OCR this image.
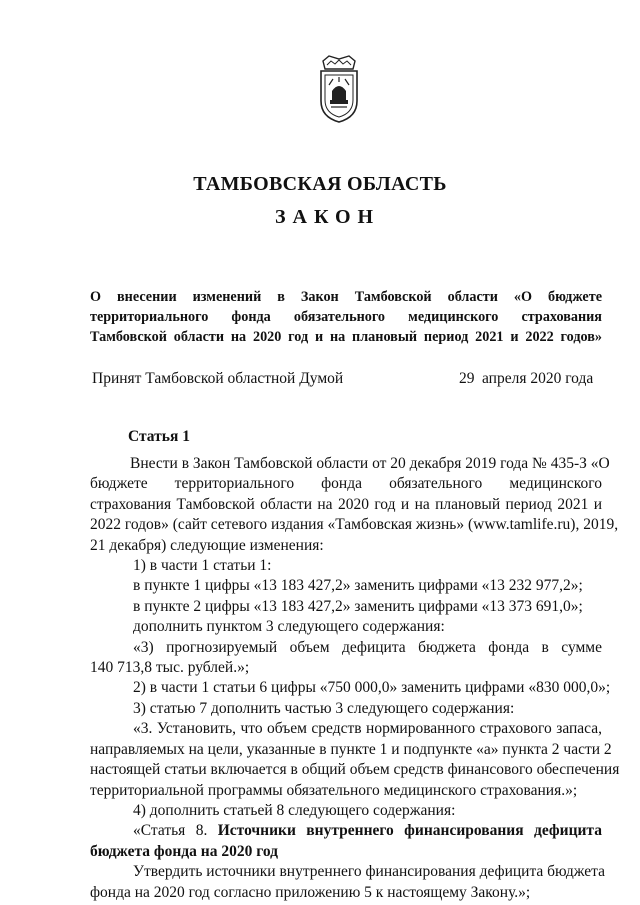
ТАМБОВСКАЯ ОБЛАСТЬ
ЗАКОН
О внесении изменений в Закон Тамбовской области «О бюджете
территориального фонда обязательного медицинского страхования
Тамбовской области на 2020 год и на плановый период 2021 и 2022 годов»
Принят Тамбовской областной Думой	29 апреля 2020 года
Статья 1
Внести в Закон Тамбовской области от 20 декабря 2019 года № 435-З «О
бюджете территориального фонда обязательного медицинского
страхования Тамбовской области на 2020 год и на плановый период 2021 и
2022 годов» (сайт сетевого издания «Тамбовская жизнь» (www.tamlife.ru), 2019,
21 декабря) следующие изменения:
1) в части 1 статьи 1:
в пункте 1 цифры «13 183 427,2» заменить цифрами «13 232 977,2»;
в пункте 2 цифры «13 183 427,2» заменить цифрами «13 373 691,0»;
дополнить пунктом 3 следующего содержания:
«3) прогнозируемый объем дефицита бюджета фонда в сумме
140 713,8 тыс. рублей.»;
2) в части 1 статьи 6 цифры «750 000,0» заменить цифрами «830 000,0»;
3) статью 7 дополнить частью 3 следующего содержания:
«3. Установить, что объем средств нормированного страхового запаса,
направляемых на цели, указанные в пункте 1 и подпункте «а» пункта 2 части 2
настоящей статьи включается в общий объем средств финансового обеспечения
территориальной программы обязательного медицинского страхования.»;
4) дополнить статьей 8 следующего содержания:
«Статья 8. Источники внутреннего финансирования дефицита
бюджета фонда на 2020 год
Утвердить источники внутреннего финансирования дефицита бюджета
фонда на 2020 год согласно приложению 5 к настоящему Закону.»;
